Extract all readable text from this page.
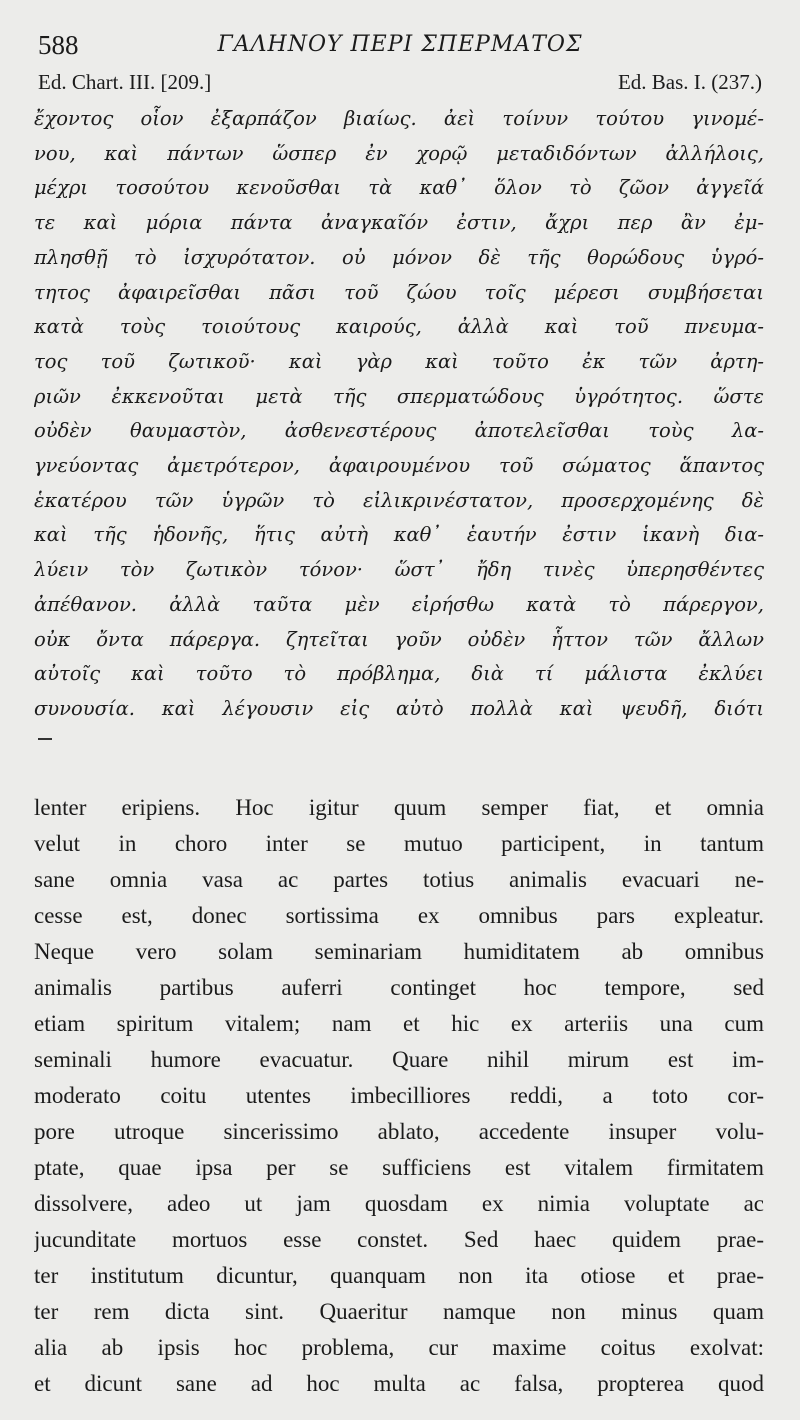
588	ΓΑΛΗΝΟΥ ΠΕΡΙ ΣΠΕΡΜΑΤΟΣ
Ed. Chart. III. [209.]	Ed. Bas. I. (237.)
ἔχοντος οἷον ἐξαρπάζον βιαίως. ἀεὶ τοίνυν τούτου γινομέ-
νου, καὶ πάντων ὥσπερ ἐν χορῷ μεταδιδόντων ἀλλήλοις,
μέχρι τοσούτου κενοῦσθαι τὰ καθ᾽ ὅλον τὸ ζῶον ἀγγεῖά
τε καὶ μόρια πάντα ἀναγκαῖόν ἐστιν, ἄχρι περ ἂν ἐμ-
πλησθῇ τὸ ἰσχυρότατον. οὐ μόνον δὲ τῆς θορώδους ὑγρό-
τητος ἀφαιρεῖσθαι πᾶσι τοῦ ζώου τοῖς μέρεσι συμβήσεται
κατὰ τοὺς τοιούτους καιρούς, ἀλλὰ καὶ τοῦ πνευμα-
τος τοῦ ζωτικοῦ· καὶ γὰρ καὶ τοῦτο ἐκ τῶν ἀρτη-
ριῶν ἐκκενοῦται μετὰ τῆς σπερματώδους ὑγρότητος. ὥστε
οὐδὲν θαυμαστὸν, ἀσθενεστέρους ἀποτελεῖσθαι τοὺς λα-
γνεύοντας ἀμετρότερον, ἀφαιρουμένου τοῦ σώματος ἅπαντος
ἑκατέρου τῶν ὑγρῶν τὸ εἰλικρινέστατον, προσερχομένης δὲ
καὶ τῆς ἡδονῆς, ἥτις αὐτὴ καθ᾽ ἑαυτήν ἐστιν ἱκανὴ δια-
λύειν τὸν ζωτικὸν τόνον· ὥστ᾽ ἤδη τινὲς ὑπερησθέντες
ἀπέθανον. ἀλλὰ ταῦτα μὲν εἰρήσθω κατὰ τὸ πάρεργον,
οὐκ ὄντα πάρεργα. ζητεῖται γοῦν οὐδὲν ἧττον τῶν ἄλλων
αὐτοῖς καὶ τοῦτο τὸ πρόβλημα, διὰ τί μάλιστα ἐκλύει
συνουσία. καὶ λέγουσιν εἰς αὐτὸ πολλὰ καὶ ψευδῆ, διότι
lenter eripiens. Hoc igitur quum semper fiat, et omnia
velut in choro inter se mutuo participent, in tantum
sane omnia vasa ac partes totius animalis evacuari ne-
cesse est, donec sortissima ex omnibus pars expleatur.
Neque vero solam seminariam humiditatem ab omnibus
animalis partibus auferri continget hoc tempore, sed
etiam spiritum vitalem; nam et hic ex arteriis una cum
seminali humore evacuatur. Quare nihil mirum est im-
moderato coitu utentes imbecilliores reddi, a toto cor-
pore utroque sincerissimo ablato, accedente insuper volu-
ptate, quae ipsa per se sufficiens est vitalem firmitatem
dissolvere, adeo ut jam quosdam ex nimia voluptate ac
jucunditate mortuos esse constet. Sed haec quidem prae-
ter institutum dicuntur, quanquam non ita otiose et prae-
ter rem dicta sint. Quaeritur namque non minus quam
alia ab ipsis hoc problema, cur maxime coitus exolvat:
et dicunt sane ad hoc multa ac falsa, propterea quod
